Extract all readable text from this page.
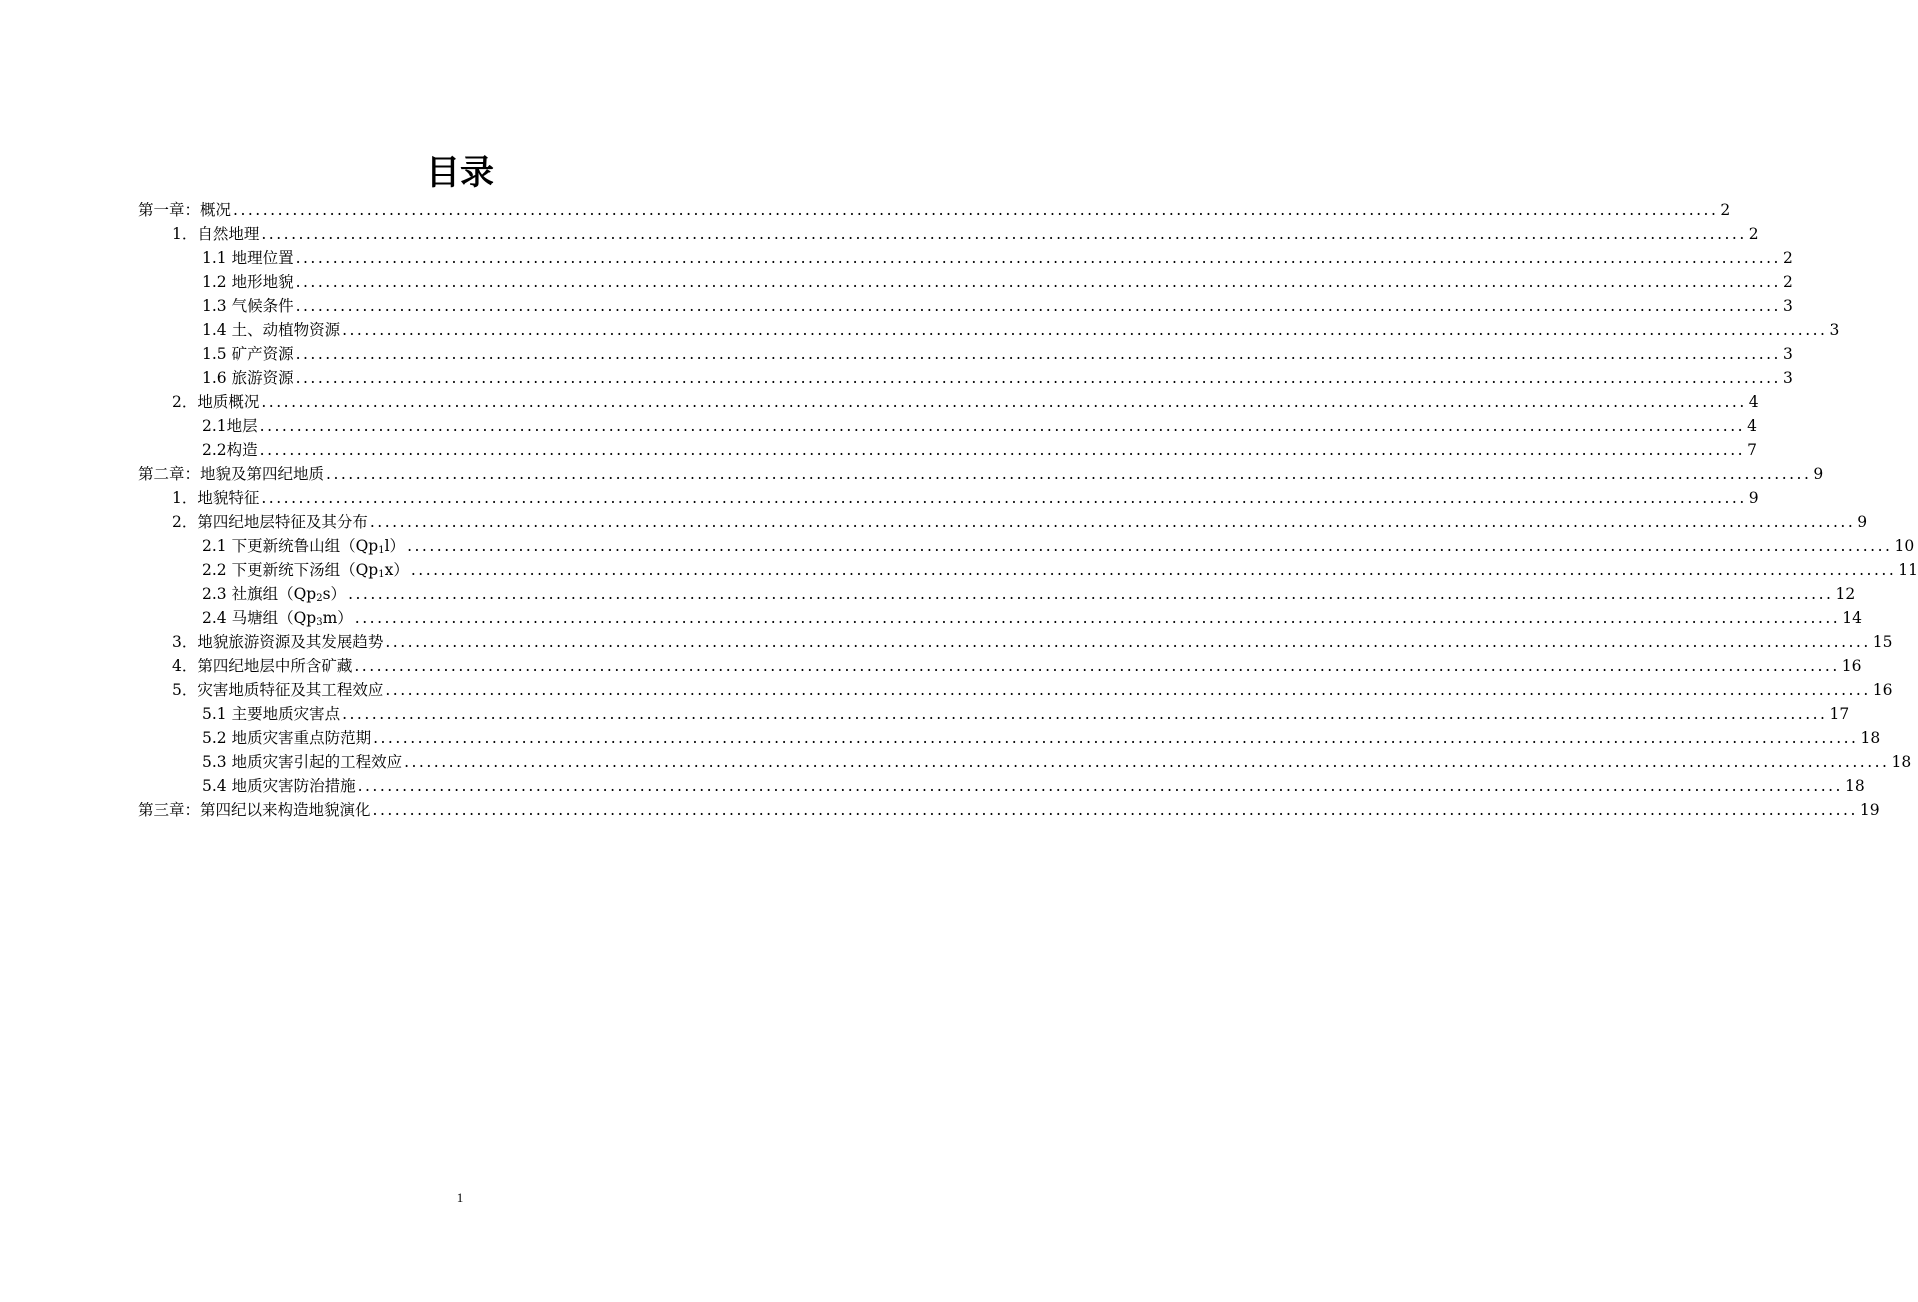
目录
第一章：概况 ........................................................................................................................................................................................................ 2
1．自然地理 ........................................................................................................................................................................................................ 2
1.1 地理位置 ........................................................................................................................................................................................................ 2
1.2 地形地貌 ........................................................................................................................................................................................................ 2
1.3 气候条件 ........................................................................................................................................................................................................ 3
1.4 土、动植物资源 ........................................................................................................................................................................................................ 3
1.5 矿产资源 ........................................................................................................................................................................................................ 3
1.6 旅游资源 ........................................................................................................................................................................................................ 3
2．地质概况 ........................................................................................................................................................................................................ 4
2.1地层 ........................................................................................................................................................................................................ 4
2.2构造 ........................................................................................................................................................................................................ 7
第二章：地貌及第四纪地质 ........................................................................................................................................................................................................ 9
1．地貌特征 ........................................................................................................................................................................................................ 9
2．第四纪地层特征及其分布 ........................................................................................................................................................................................................ 9
2.1 下更新统鲁山组$(Qp_1l)$ ........................................................................................................................................................................................................ 10
2.2 下更新统下汤组$(Qp_1x)$ ........................................................................................................................................................................................................ 11
2.3 社旗组$(Qp_2s)$ ........................................................................................................................................................................................................ 12
2.4 马塘组$(Qp_3m)$ ........................................................................................................................................................................................................ 14
3．地貌旅游资源及其发展趋势 ........................................................................................................................................................................................................ 15
4．第四纪地层中所含矿藏 ........................................................................................................................................................................................................ 16
5．灾害地质特征及其工程效应 ........................................................................................................................................................................................................ 16
5.1 主要地质灾害点 ........................................................................................................................................................................................................ 17
5.2 地质灾害重点防范期 ........................................................................................................................................................................................................ 18
5.3 地质灾害引起的工程效应 ........................................................................................................................................................................................................ 18
5.4 地质灾害防治措施 ........................................................................................................................................................................................................ 18
第三章：第四纪以来构造地貌演化 ........................................................................................................................................................................................................ 19
1
